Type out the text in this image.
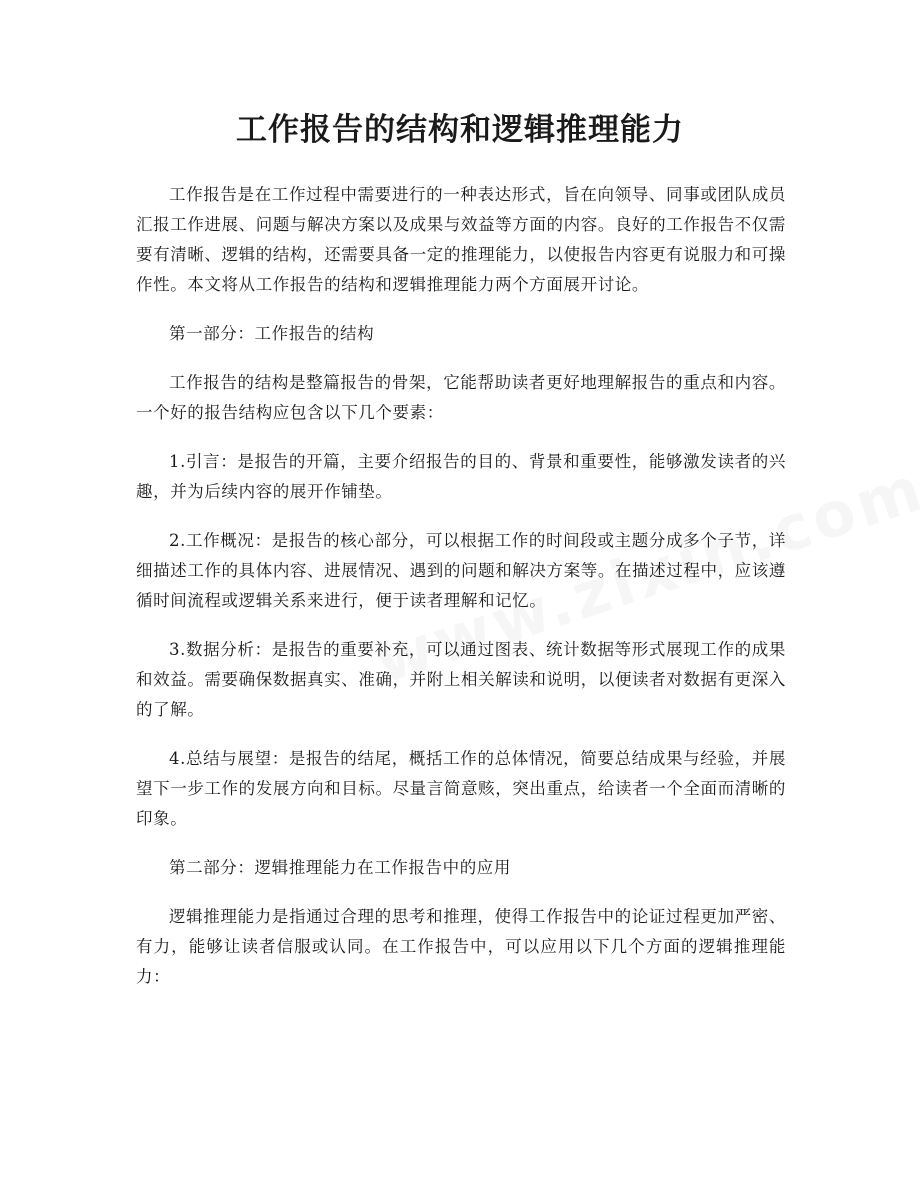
工作报告的结构和逻辑推理能力

工作报告是在工作过程中需要进行的一种表达形式，旨在向领导、同事或团队成员汇报工作进展、问题与解决方案以及成果与效益等方面的内容。良好的工作报告不仅需要有清晰、逻辑的结构，还需要具备一定的推理能力，以使报告内容更有说服力和可操作性。本文将从工作报告的结构和逻辑推理能力两个方面展开讨论。

第一部分：工作报告的结构

工作报告的结构是整篇报告的骨架，它能帮助读者更好地理解报告的重点和内容。一个好的报告结构应包含以下几个要素：

1.引言：是报告的开篇，主要介绍报告的目的、背景和重要性，能够激发读者的兴趣，并为后续内容的展开作铺垫。

2.工作概况：是报告的核心部分，可以根据工作的时间段或主题分成多个子节，详细描述工作的具体内容、进展情况、遇到的问题和解决方案等。在描述过程中，应该遵循时间流程或逻辑关系来进行，便于读者理解和记忆。

3.数据分析：是报告的重要补充，可以通过图表、统计数据等形式展现工作的成果和效益。需要确保数据真实、准确，并附上相关解读和说明，以便读者对数据有更深入的了解。

4.总结与展望：是报告的结尾，概括工作的总体情况，简要总结成果与经验，并展望下一步工作的发展方向和目标。尽量言简意赅，突出重点，给读者一个全面而清晰的印象。

第二部分：逻辑推理能力在工作报告中的应用

逻辑推理能力是指通过合理的思考和推理，使得工作报告中的论证过程更加严密、有力，能够让读者信服或认同。在工作报告中，可以应用以下几个方面的逻辑推理能力：
